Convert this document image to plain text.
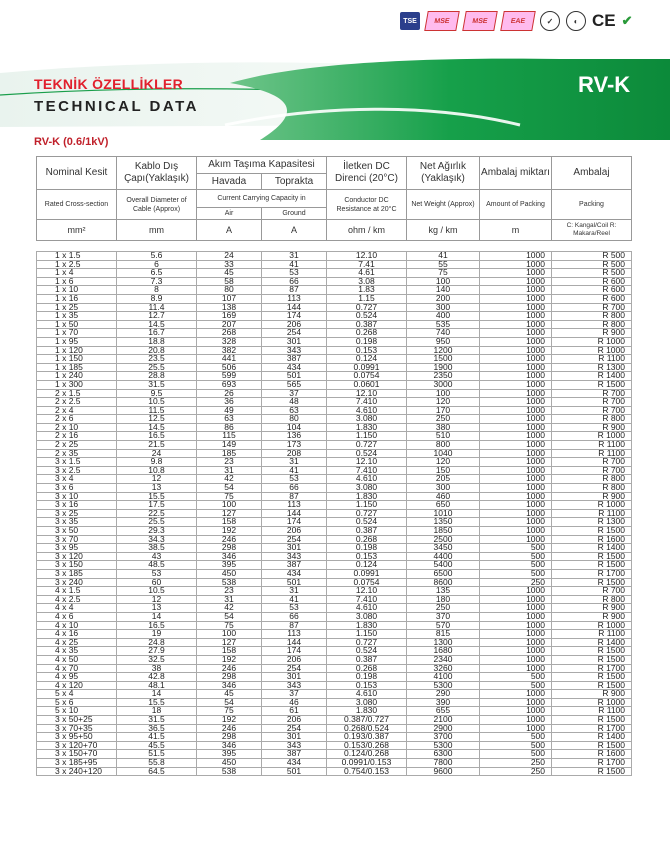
TSE	MSE	MSE	EAE	✓	◐ CE ✔
TEKNİK ÖZELLİKLER
TECHNICAL DATA
RV-K
RV-K (0.6/1kV)
Nominal Kesit	Kablo Dış Çapı(Yaklaşık)	Akım Taşıma Kapasitesi		İletken DC Direnci (20°C)	Net Ağırlık (Yaklaşık)	Ambalaj miktarı	Ambalaj
		Havada	Toprakta				
Rated Cross-section	Overall Diameter of Cable (Approx)	Current Carrying Capacity in		Conductor DC Resistance at 20°C	Net Weight (Approx)	Amount of Packing	Packing
		Air	Ground				
mm²	mm	A	A	ohm / km	kg / km	m	C: Kangal/Coil R: Makara/Reel
1 x 1.5	5.6	24	31	12.10	41	1000	R 500
1 x 2.5	6	33	41	7.41	55	1000	R 500
1 x 4	6.5	45	53	4.61	75	1000	R 500
1 x 6	7.3	58	66	3.08	100	1000	R 600
1 x 10	8	80	87	1.83	140	1000	R 600
1 x 16	8.9	107	113	1.15	200	1000	R 600
1 x 25	11.4	138	144	0.727	300	1000	R 700
1 x 35	12.7	169	174	0.524	400	1000	R 800
1 x 50	14.5	207	206	0.387	535	1000	R 800
1 x 70	16.7	268	254	0.268	740	1000	R 900
1 x 95	18.8	328	301	0.198	950	1000	R 1000
1 x 120	20.8	382	343	0.153	1200	1000	R 1000
1 x 150	23.5	441	387	0.124	1500	1000	R 1100
1 x 185	25.5	506	434	0.0991	1900	1000	R 1300
1 x 240	28.8	599	501	0.0754	2350	1000	R 1400
1 x 300	31.5	693	565	0.0601	3000	1000	R 1500
2 x 1.5	9.5	26	37	12.10	100	1000	R 700
2 x 2.5	10.5	36	48	7.410	120	1000	R 700
2 x 4	11.5	49	63	4.610	170	1000	R 700
2 x 6	12.5	63	80	3.080	250	1000	R 800
2 x 10	14.5	86	104	1.830	380	1000	R 900
2 x 16	16.5	115	136	1.150	510	1000	R 1000
2 x 25	21.5	149	173	0.727	800	1000	R 1100
2 x 35	24	185	208	0.524	1040	1000	R 1100
3 x 1.5	9.8	23	31	12.10	120	1000	R 700
3 x 2.5	10.8	31	41	7.410	150	1000	R 700
3 x 4	12	42	53	4.610	205	1000	R 800
3 x 6	13	54	66	3.080	300	1000	R 800
3 x 10	15.5	75	87	1.830	460	1000	R 900
3 x 16	17.5	100	113	1.150	650	1000	R 1000
3 x 25	22.5	127	144	0.727	1010	1000	R 1100
3 x 35	25.5	158	174	0.524	1350	1000	R 1300
3 x 50	29.3	192	206	0.387	1850	1000	R 1500
3 x 70	34.3	246	254	0.268	2500	1000	R 1600
3 x 95	38.5	298	301	0.198	3450	500	R 1400
3 x 120	43	346	343	0.153	4400	500	R 1500
3 x 150	48.5	395	387	0.124	5400	500	R 1500
3 x 185	53	450	434	0.0991	6500	500	R 1700
3 x 240	60	538	501	0.0754	8600	250	R 1500
4 x 1.5	10.5	23	31	12.10	135	1000	R 700
4 x 2.5	12	31	41	7.410	180	1000	R 800
4 x 4	13	42	53	4.610	250	1000	R 900
4 x 6	14	54	66	3.080	370	1000	R 900
4 x 10	16.5	75	87	1.830	570	1000	R 1000
4 x 16	19	100	113	1.150	815	1000	R 1100
4 x 25	24.8	127	144	0.727	1300	1000	R 1400
4 x 35	27.9	158	174	0.524	1680	1000	R 1500
4 x 50	32.5	192	206	0.387	2340	1000	R 1500
4 x 70	38	246	254	0.268	3260	1000	R 1700
4 x 95	42.8	298	301	0.198	4100	500	R 1500
4 x 120	48.1	346	343	0.153	5300	500	R 1500
5 x 4	14	45	37	4.610	290	1000	R 900
5 x 6	15.5	54	46	3.080	390	1000	R 1000
5 x 10	18	75	61	1.830	655	1000	R 1100
3 x 50+25	31.5	192	206	0.387/0.727	2100	1000	R 1500
3 x 70+35	36.5	246	254	0.268/0.524	2900	1000	R 1700
3 x 95+50	41.5	298	301	0.193/0.387	3700	500	R 1400
3 x 120+70	45.5	346	343	0.153/0.268	5300	500	R 1500
3 x 150+70	51.5	395	387	0.124/0.268	6300	500	R 1600
3 x 185+95	55.8	450	434	0.0991/0.153	7800	250	R 1700
3 x 240+120	64.5	538	501	0.754/0.153	9600	250	R 1500
